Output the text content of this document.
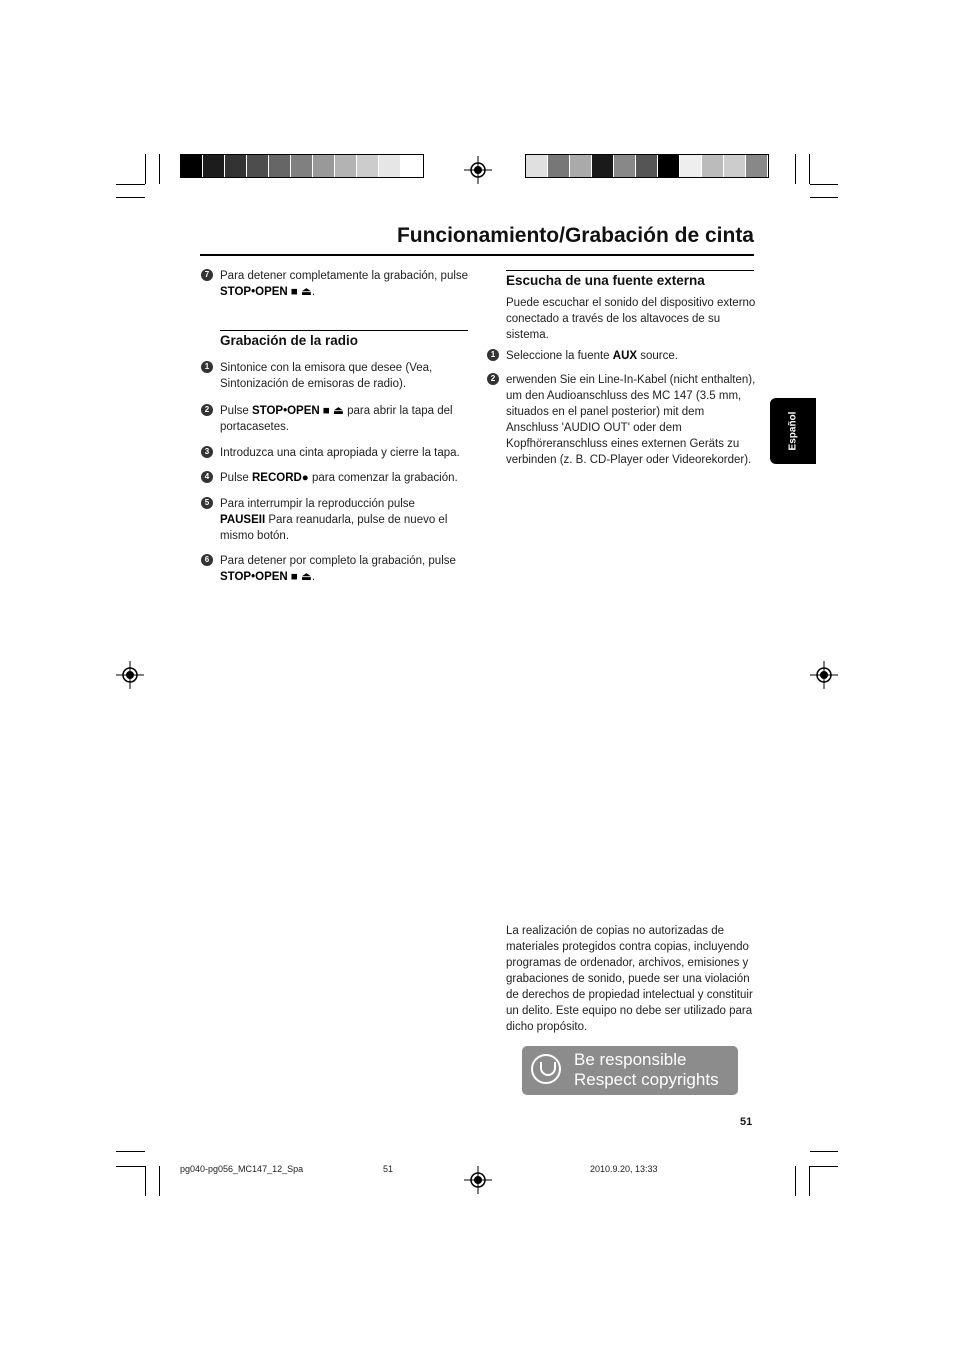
Funcionamiento/Grabación de cinta
7 Para detener completamente la grabación, pulse
STOP•OPEN ■ ⏏.
Grabación de la radio
1 Sintonice con la emisora que desee (Vea, Sintonización de emisoras de radio).
2 Pulse STOP•OPEN ■ ⏏ para abrir la tapa del portacasetes.
3 Introduzca una cinta apropiada y cierre la tapa.
4 Pulse RECORD● para comenzar la grabación.
5 Para interrumpir la reproducción pulse PAUSEII Para reanudarla, pulse de nuevo el mismo botón.
6 Para detener por completo la grabación, pulse STOP•OPEN ■ ⏏.
Escucha de una fuente externa
Puede escuchar el sonido del dispositivo externo conectado a través de los altavoces de su sistema.
1 Seleccione la fuente AUX source.
2 erwenden Sie ein Line-In-Kabel (nicht enthalten), um den Audioanschluss des MC 147 (3.5 mm, situados en el panel posterior) mit dem Anschluss 'AUDIO OUT' oder dem Kopfhöreranschluss eines externen Geräts zu verbinden (z. B. CD-Player oder Videorekorder).
La realización de copias no autorizadas de materiales protegidos contra copias, incluyendo programas de ordenador, archivos, emisiones y grabaciones de sonido, puede ser una violación de derechos de propiedad intelectual y constituir un delito. Este equipo no debe ser utilizado para dicho propósito.
Be responsible
Respect copyrights
Español
51
pg040-pg056_MC147_12_Spa	51	2010.9.20, 13:33
